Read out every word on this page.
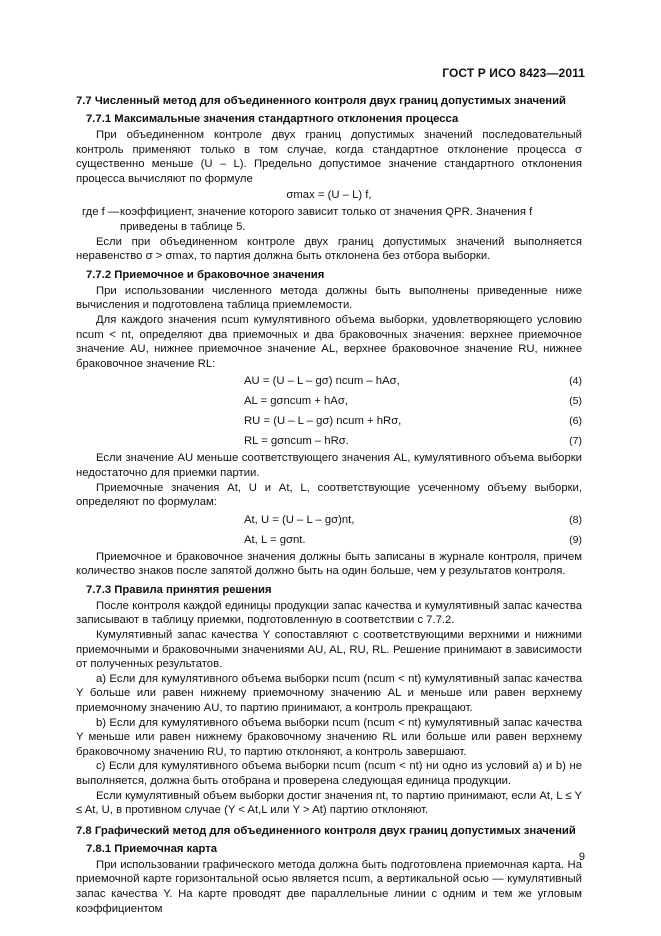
ГОСТ Р ИСО 8423—2011
7.7 Численный метод для объединенного контроля двух границ допустимых значений
7.7.1 Максимальные значения стандартного отклонения процесса

При объединенном контроле двух границ допустимых значений последовательный контроль применяют только в том случае, когда стандартное отклонение процесса σ существенно меньше (U – L). Предельно допустимое значение стандартного отклонения процесса вычисляют по формуле

σmax = (U – L) f,
где f — коэффициент, значение которого зависит только от значения QPR. Значения f приведены в таблице 5.

Если при объединенном контроле двух границ допустимых значений выполняется неравенство σ > σmax, то партия должна быть отклонена без отбора выборки.

7.7.2 Приемочное и браковочное значения

При использовании численного метода должны быть выполнены приведенные ниже вычисления и подготовлена таблица приемлемости.

Для каждого значения ncum кумулятивного объема выборки, удовлетворяющего условию ncum < nt, определяют два приемочных и два браковочных значения: верхнее приемочное значение AU, нижнее приемочное значение AL, верхнее браковочное значение RU, нижнее браковочное значение RL:

AU = (U – L – gσ) ncum – hAσ,	(4)
AL = gσncum + hAσ,	(5)
RU = (U – L – gσ) ncum + hRσ,	(6)
RL = gσncum – hRσ.	(7)

Если значение AU меньше соответствующего значения AL, кумулятивного объема выборки недостаточно для приемки партии.

Приемочные значения At, U и At, L, соответствующие усеченному объему выборки, определяют по формулам:

At, U = (U – L – gσ)nt,	(8)
At, L = gσnt.	(9)

Приемочное и браковочное значения должны быть записаны в журнале контроля, причем количество знаков после запятой должно быть на один больше, чем у результатов контроля.

7.7.3 Правила принятия решения

После контроля каждой единицы продукции запас качества и кумулятивный запас качества записывают в таблицу приемки, подготовленную в соответствии с 7.7.2.

Кумулятивный запас качества Y сопоставляют с соответствующими верхними и нижними приемочными и браковочными значениями AU, AL, RU, RL. Решение принимают в зависимости от полученных результатов.

а) Если для кумулятивного объема выборки ncum (ncum < nt) кумулятивный запас качества Y больше или равен нижнему приемочному значению AL и меньше или равен верхнему приемочному значению AU, то партию принимают, а контроль прекращают.

b) Если для кумулятивного объема выборки ncum (ncum < nt) кумулятивный запас качества Y меньше или равен нижнему браковочному значению RL или больше или равен верхнему браковочному значению RU, то партию отклоняют, а контроль завершают.

с) Если для кумулятивного объема выборки ncum (ncum < nt) ни одно из условий а) и b) не выполняется, должна быть отобрана и проверена следующая единица продукции.

Если кумулятивный объем выборки достиг значения nt, то партию принимают, если At, L ≤ Y ≤ At, U, в противном случае (Y < At,L или Y > At) партию отклоняют.

7.8 Графический метод для объединенного контроля двух границ допустимых значений
7.8.1 Приемочная карта

При использовании графического метода должна быть подготовлена приемочная карта. На приемочной карте горизонтальной осью является ncum, а вертикальной осью — кумулятивный запас качества Y. На карте проводят две параллельные линии с одним и тем же угловым коэффициентом

9
